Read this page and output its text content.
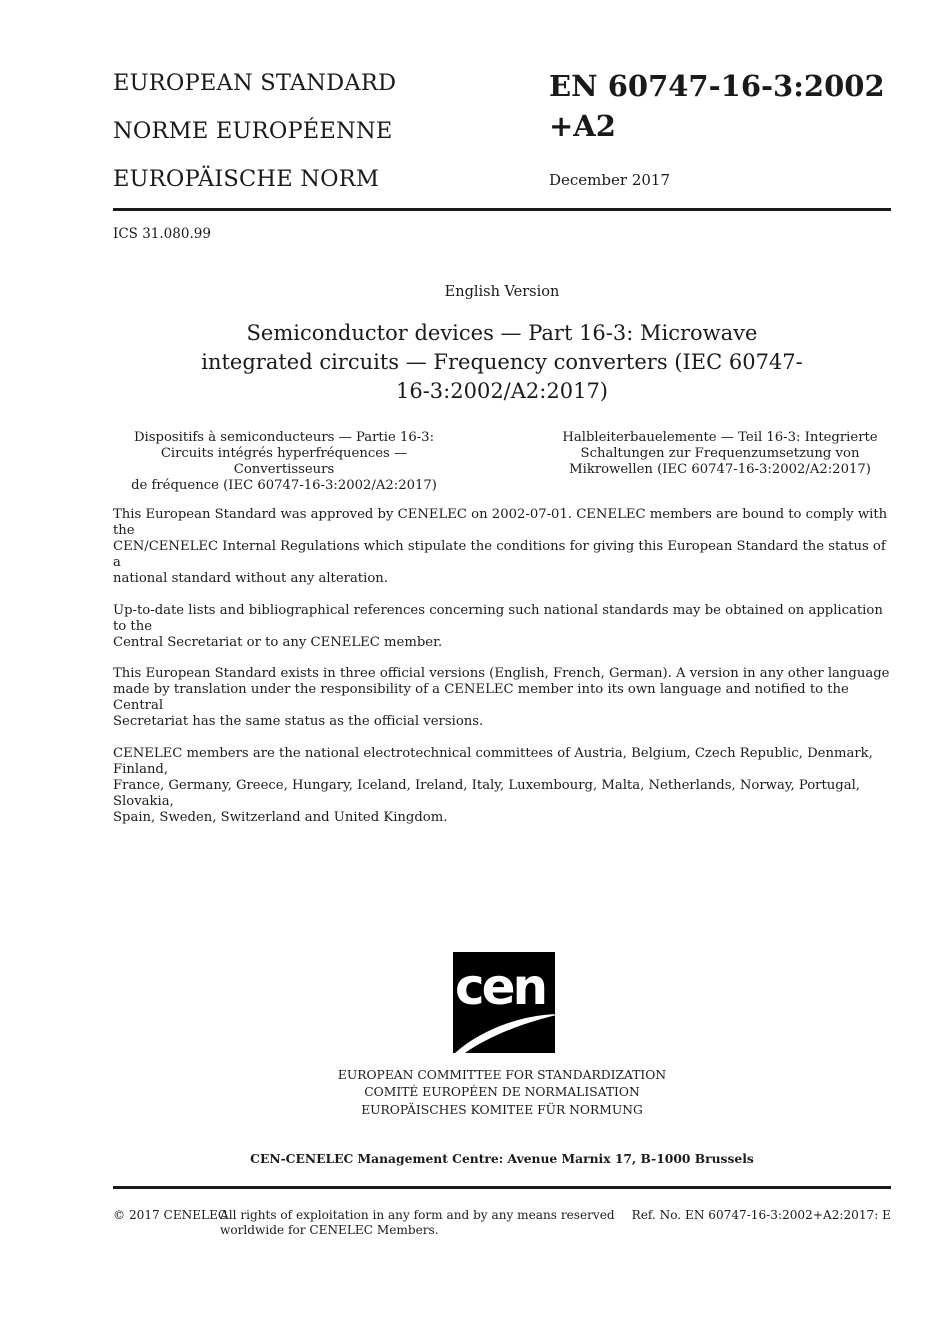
EUROPEAN STANDARD
NORME EUROPÉENNE
EUROPÄISCHE NORM
EN 60747-16-3:2002
+A2
December 2017
ICS 31.080.99
English Version
Semiconductor devices — Part 16-3: Microwave
integrated circuits — Frequency converters (IEC 60747-
16-3:2002/A2:2017)
Dispositifs à semiconducteurs — Partie 16-3:
Circuits intégrés hyperfréquences — Convertisseurs
de fréquence (IEC 60747-16-3:2002/A2:2017)
Halbleiterbauelemente — Teil 16-3: Integrierte
Schaltungen zur Frequenzumsetzung von
Mikrowellen (IEC 60747-16-3:2002/A2:2017)

This European Standard was approved by CENELEC on 2002-07-01. CENELEC members are bound to comply with the
CEN/CENELEC Internal Regulations which stipulate the conditions for giving this European Standard the status of a
national standard without any alteration.

Up-to-date lists and bibliographical references concerning such national standards may be obtained on application to the
Central Secretariat or to any CENELEC member.

This European Standard exists in three official versions (English, French, German). A version in any other language
made by translation under the responsibility of a CENELEC member into its own language and notified to the Central
Secretariat has the same status as the official versions.

CENELEC members are the national electrotechnical committees of Austria, Belgium, Czech Republic, Denmark, Finland,
France, Germany, Greece, Hungary, Iceland, Ireland, Italy, Luxembourg, Malta, Netherlands, Norway, Portugal, Slovakia,
Spain, Sweden, Switzerland and United Kingdom.

cen
EUROPEAN COMMITTEE FOR STANDARDIZATION
COMITÉ EUROPÉEN DE NORMALISATION
EUROPÄISCHES KOMITEE FÜR NORMUNG
CEN-CENELEC Management Centre: Avenue Marnix 17, B-1000 Brussels
© 2017 CENELEC
All rights of exploitation in any form and by any means reserved
worldwide for CENELEC Members.
Ref. No. EN 60747-16-3:2002+A2:2017: E
